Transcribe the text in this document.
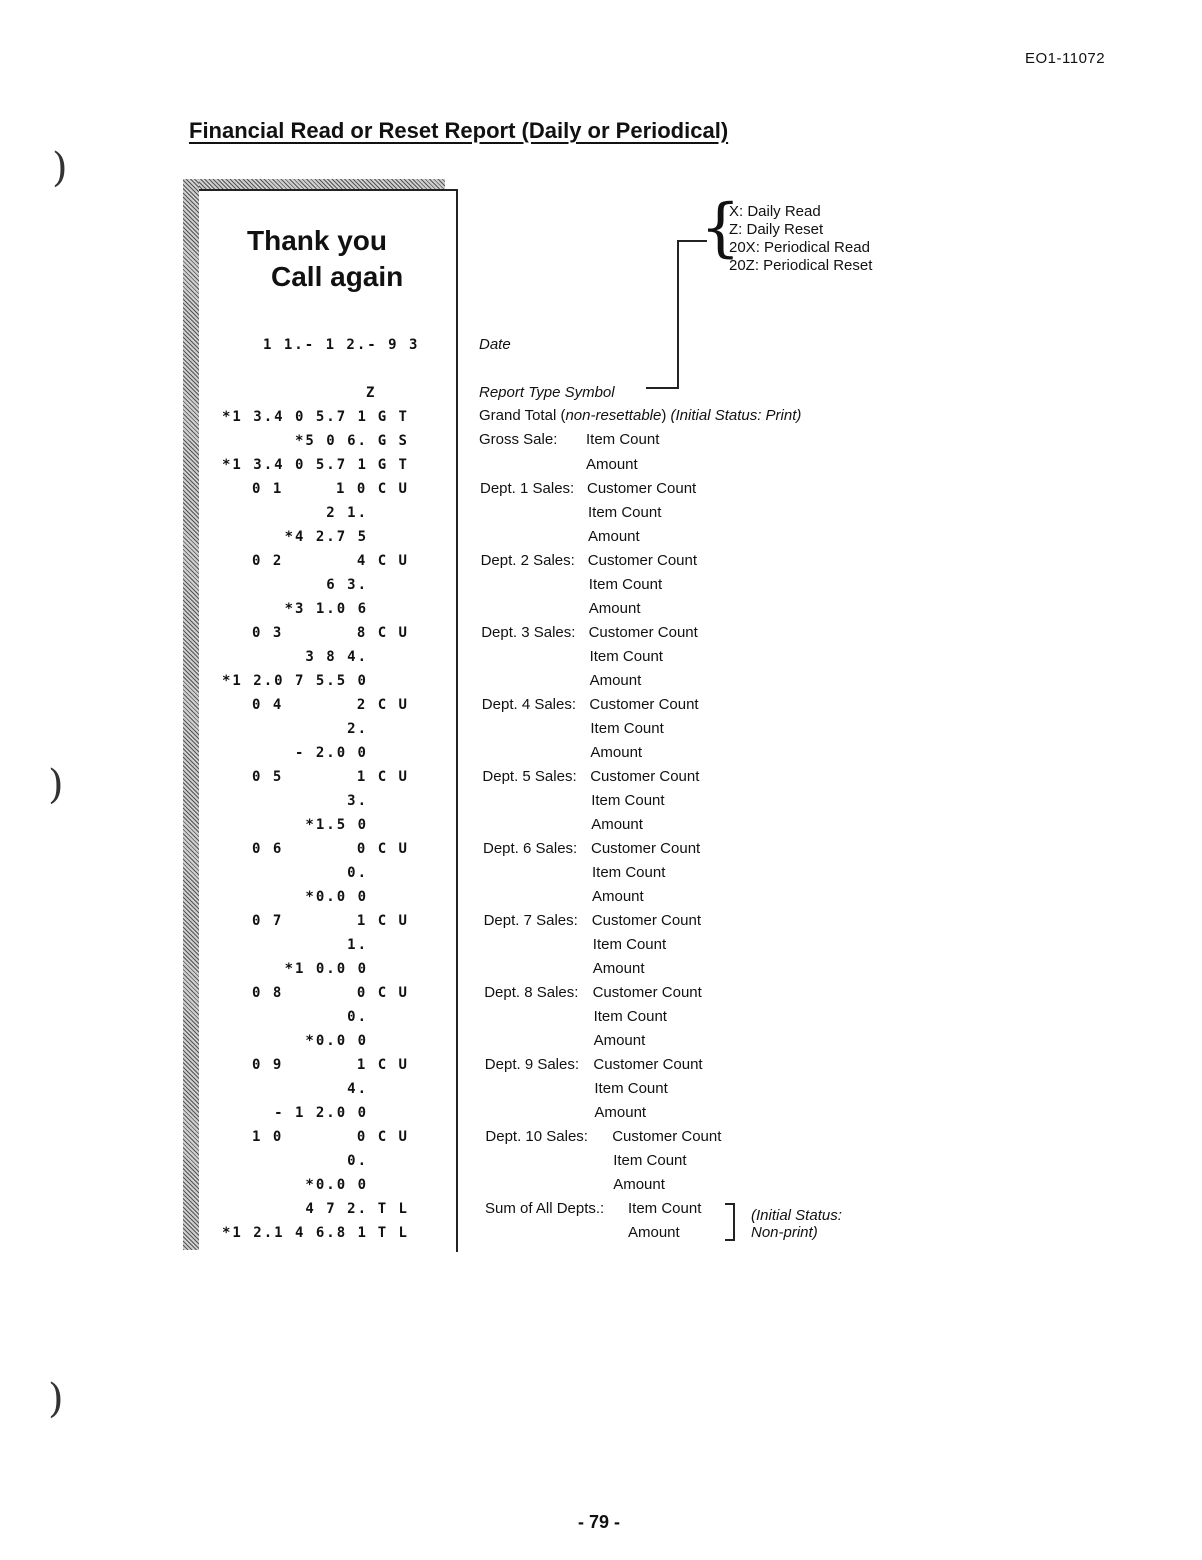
EO1-11072
Financial Read or Reset Report (Daily or Periodical)
)
)
)
Thank you
Call again
1 1.- 1 2.- 9 3
Z
*1 3.4 0 5.7 1 G T
*5 0 6. G S
*1 3.4 0 5.7 1 G T
0 1	1 0 C U
2 1.
*4 2.7 5
0 2	4 C U
6 3.
*3 1.0 6
0 3	8 C U
3 8 4.
*1 2.0 7 5.5 0
0 4	2 C U
2.
- 2.0 0
0 5	1 C U
3.
*1.5 0
0 6	0 C U
0.
*0.0 0
0 7	1 C U
1.
*1 0.0 0
0 8	0 C U
0.
*0.0 0
0 9	1 C U
4.
- 1 2.0 0
1 0	0 C U
0.
*0.0 0
4 7 2. T L
*1 2.1 4 6.8 1 T L
{
X: Daily Read
Z: Daily Reset
20X: Periodical Read
20Z: Periodical Reset
Date
Report Type Symbol
Grand Total (non-resettable) (Initial Status: Print)
Gross Sale: Item Count
Amount
Dept. 1 Sales: Customer Count
Item Count
Amount
Dept. 2 Sales: Customer Count
Item Count
Amount
Dept. 3 Sales: Customer Count
Item Count
Amount
Dept. 4 Sales: Customer Count
Item Count
Amount
Dept. 5 Sales: Customer Count
Item Count
Amount
Dept. 6 Sales: Customer Count
Item Count
Amount
Dept. 7 Sales: Customer Count
Item Count
Amount
Dept. 8 Sales: Customer Count
Item Count
Amount
Dept. 9 Sales: Customer Count
Item Count
Amount
Dept. 10 Sales: Customer Count
Item Count
Amount
Sum of All Depts.: Item Count
Amount
(Initial Status:
Non-print)
- 79 -
